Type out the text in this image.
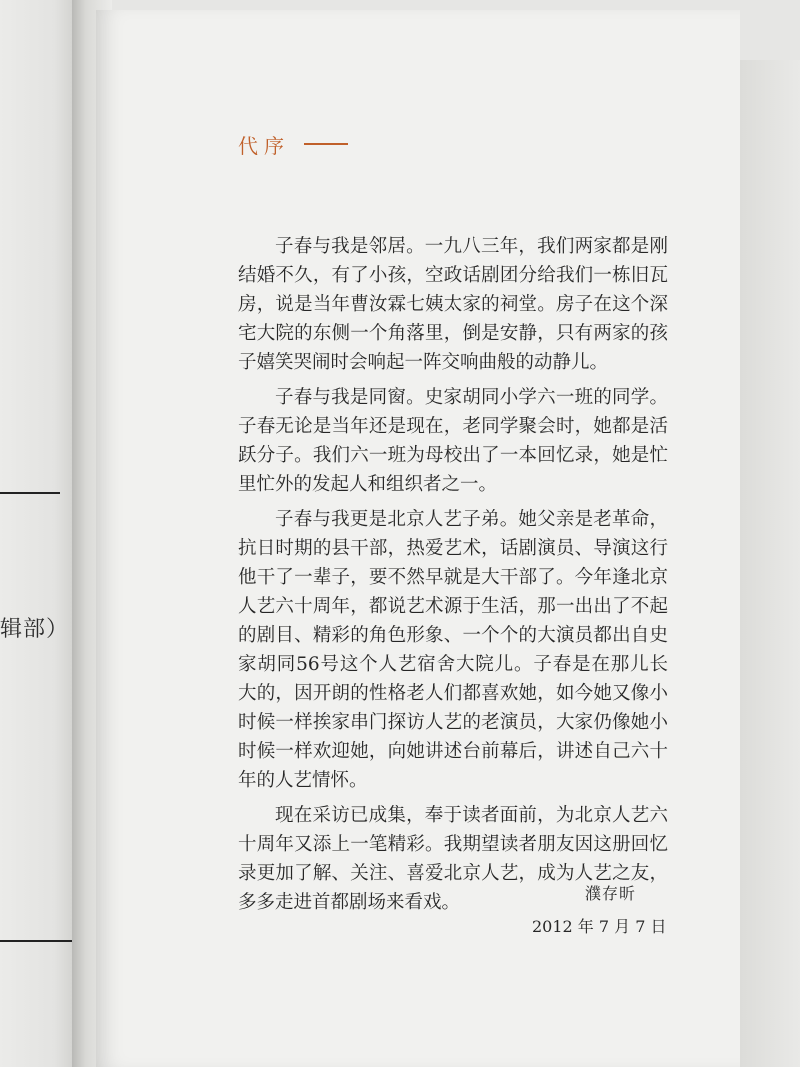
辑部）
代序

子春与我是邻居。一九八三年，我们两家都是刚结婚不久，有了小孩，空政话剧团分给我们一栋旧瓦房，说是当年曹汝霖七姨太家的祠堂。房子在这个深宅大院的东侧一个角落里，倒是安静，只有两家的孩子嬉笑哭闹时会响起一阵交响曲般的动静儿。

子春与我是同窗。史家胡同小学六一班的同学。子春无论是当年还是现在，老同学聚会时，她都是活跃分子。我们六一班为母校出了一本回忆录，她是忙里忙外的发起人和组织者之一。

子春与我更是北京人艺子弟。她父亲是老革命，抗日时期的县干部，热爱艺术，话剧演员、导演这行他干了一辈子，要不然早就是大干部了。今年逢北京人艺六十周年，都说艺术源于生活，那一出出了不起的剧目、精彩的角色形象、一个个的大演员都出自史家胡同56号这个人艺宿舍大院儿。子春是在那儿长大的，因开朗的性格老人们都喜欢她，如今她又像小时候一样挨家串门探访人艺的老演员，大家仍像她小时候一样欢迎她，向她讲述台前幕后，讲述自己六十年的人艺情怀。

现在采访已成集，奉于读者面前，为北京人艺六十周年又添上一笔精彩。我期望读者朋友因这册回忆录更加了解、关注、喜爱北京人艺，成为人艺之友，多多走进首都剧场来看戏。	濮存昕
2012 年 7 月 7 日
